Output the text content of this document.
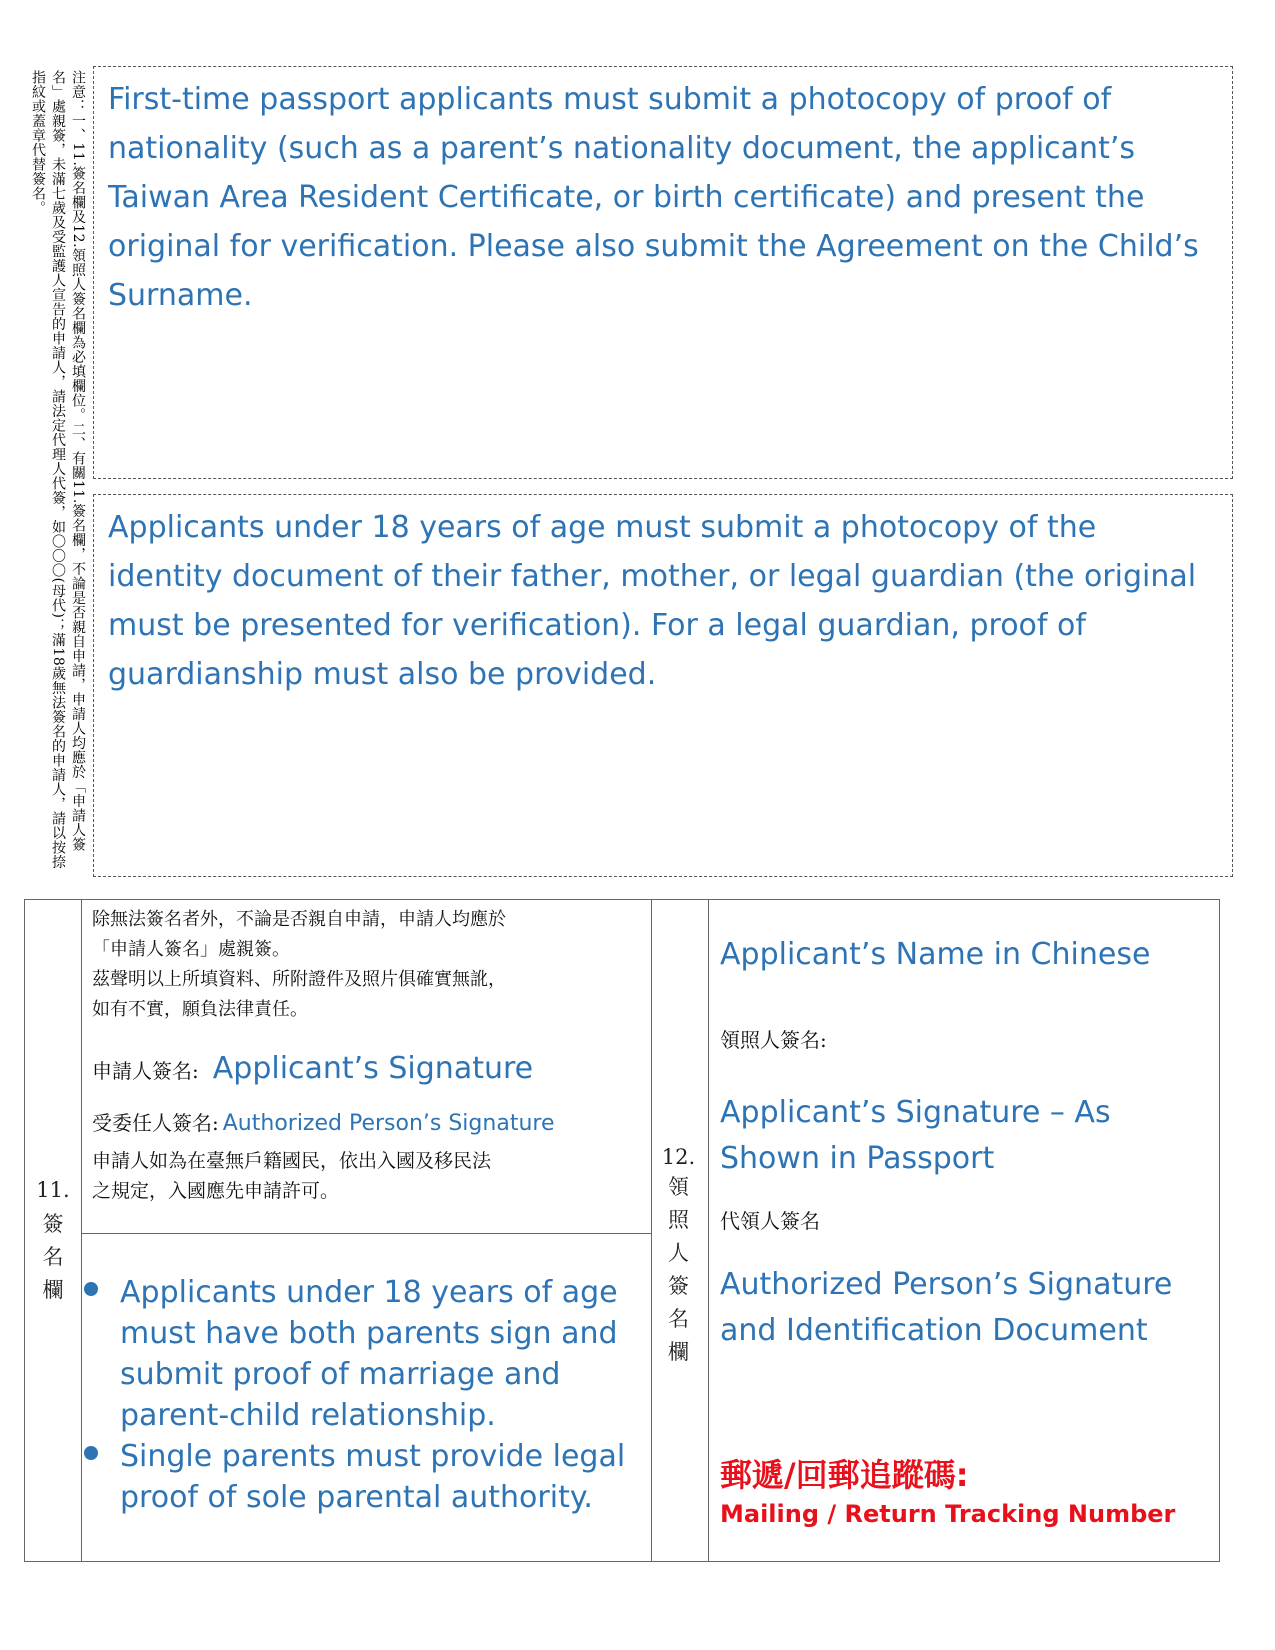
注意：一、11.簽名欄及12.領照人簽名欄為必填欄位。二、有關11.簽名欄，不論是否親自申請，申請人均應於「申請人簽名」處親簽，未滿七歲及受監護人宣告的申請人，請法定代理人代簽，如〇〇〇(母代)；滿18歲無法簽名的申請人，請以按捺指紋或蓋章代替簽名。	First-time passport applicants must submit a photocopy of proof of nationality (such as a parent’s nationality document, the applicant’s Taiwan Area Resident Certificate, or birth certificate) and present the original for verification. Please also submit the Agreement on the Child’s Surname.
Applicants under 18 years of age must submit a photocopy of the identity document of their father, mother, or legal guardian (the original must be presented for verification). For a legal guardian, proof of guardianship must also be provided.
11.
簽
名
欄
除無法簽名者外，不論是否親自申請，申請人均應於
「申請人簽名」處親簽。
茲聲明以上所填資料、所附證件及照片俱確實無訛，
如有不實，願負法律責任。
申請人簽名: Applicant’s Signature
受委任人簽名: Authorized Person’s Signature
申請人如為在臺無戶籍國民，依出入國及移民法
之規定，入國應先申請許可。
Applicants under 18 years of age must have both parents sign and submit proof of marriage and parent-child relationship.
Single parents must provide legal proof of sole parental authority.
12.
領
照
人
簽
名
欄
Applicant’s Name in Chinese
領照人簽名:
Applicant’s Signature – As Shown in Passport
代領人簽名
Authorized Person’s Signature and Identification Document
郵遞/回郵追蹤碼:
Mailing / Return Tracking Number
